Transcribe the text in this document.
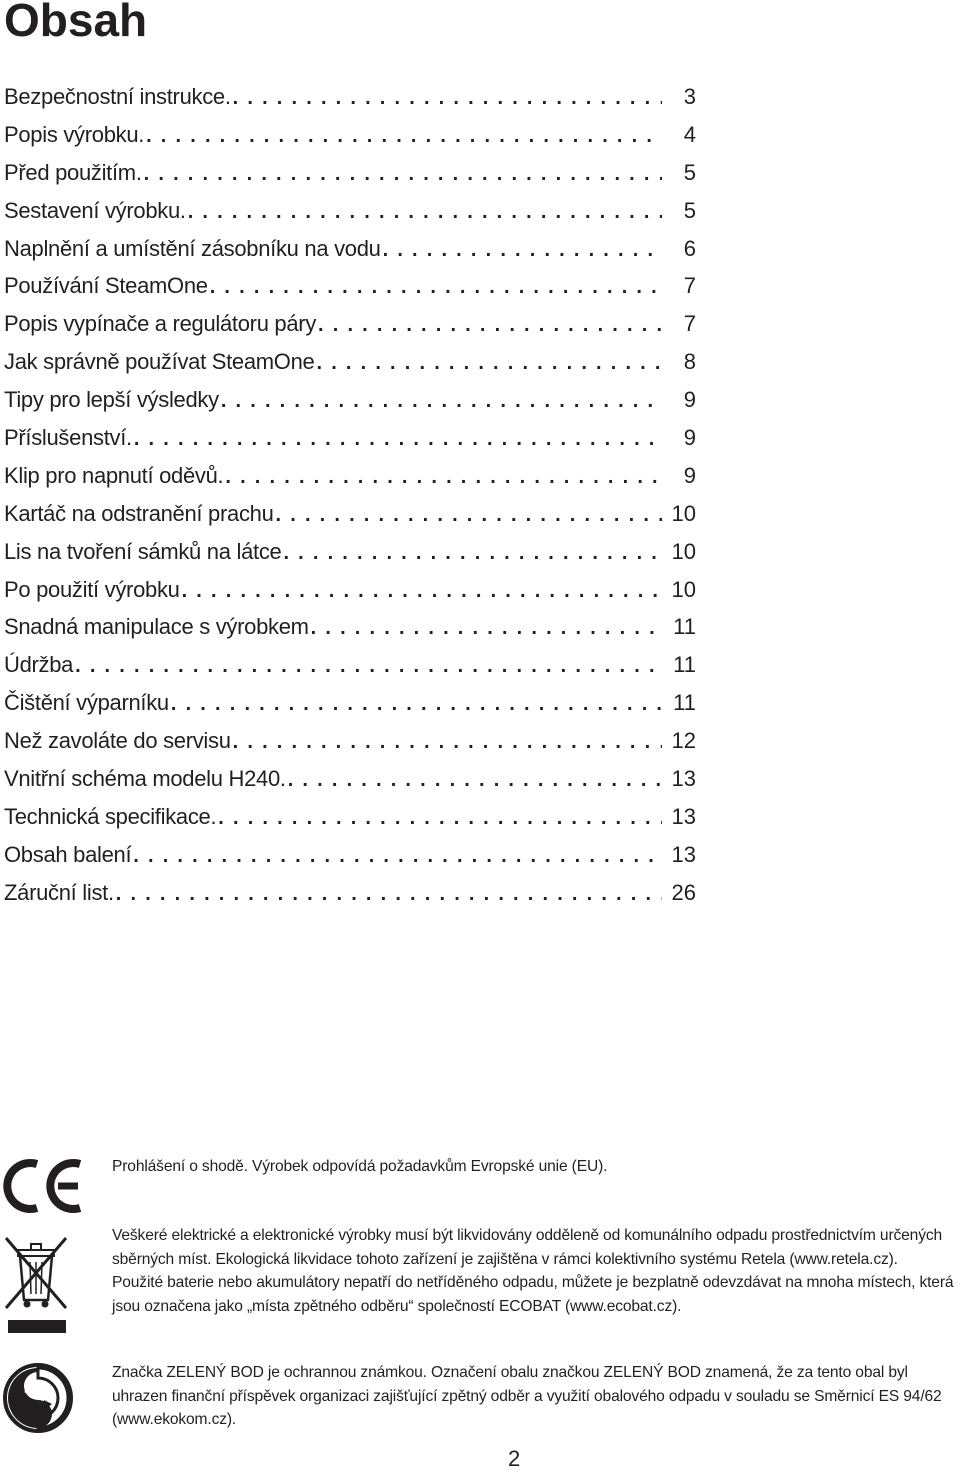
Obsah
Bezpečnostní instrukce. . . .	3
Popis výrobku. . . .	4
Před použitím. . . .	5
Sestavení výrobku. . . .	5
Naplnění a umístění zásobníku na vodu . . .	6
Používání SteamOne . . .	7
Popis vypínače a regulátoru páry . . .	7
Jak správně používat SteamOne . . .	8
Tipy pro lepší výsledky . . .	9
Příslušenství. . . .	9
Klip pro napnutí oděvů. . . .	9
Kartáč na odstranění prachu . . .	10
Lis na tvoření sámků na látce . . .	10
Po použití výrobku . . .	10
Snadná manipulace s výrobkem . . .	11
Údržba . . .	11
Čištění výparníku . . .	11
Než zavoláte do servisu . . .	12
Vnitřní schéma modelu H240. . . .	13
Technická specifikace. . . .	13
Obsah balení . . .	13
Záruční list. . . .	26
Prohlášení o shodě. Výrobek odpovídá požadavkům Evropské unie (EU).

Veškeré elektrické a elektronické výrobky musí být likvidovány odděleně od komunálního odpadu prostřednictvím určených sběrných míst. Ekologická likvidace tohoto zařízení je zajištěna v rámci kolektivního systému Retela (www.retela.cz).

Použité baterie nebo akumulátory nepatří do netříděného odpadu, můžete je bezplatně odevzdávat na mnoha místech, která jsou označena jako „místa zpětného odběru“ společností ECOBAT (www.ecobat.cz).

Značka ZELENÝ BOD je ochrannou známkou. Označení obalu značkou ZELENÝ BOD znamená, že za tento obal byl uhrazen finanční příspěvek organizaci zajišťující zpětný odběr a využití obalového odpadu v souladu se Směrnicí ES 94/62 (www.ekokom.cz).
2
